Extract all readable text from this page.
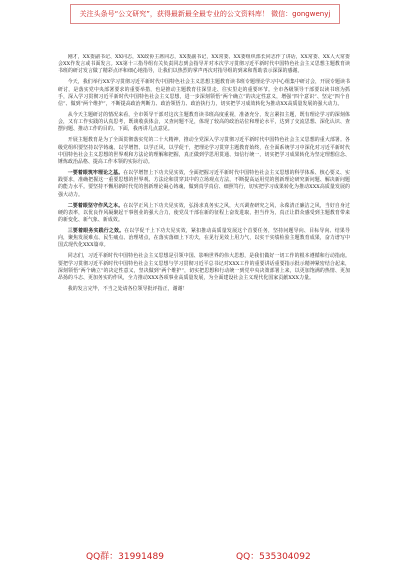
关注头条号“公文研究”，获得最新最全最专业的公文资料库！ 微信：gongwenyj

刚才，XX委副书记、XX同志，XX政协主席同志，XX委副书记，XX常委、XX委组织部长同志作了讲话，XX常委、XX人大常委会XX作发言或书面发言。XX第十三指导组有关负责同志到会指导并对本次学习贯彻习近平新时代中国特色社会主义思想主题教育读书班的研讨发言做了精彩点评和细心地指导，让我们以热烈的掌声再次对指导组的到来和帮助表示深深的感谢。

今天，我们举行XX学习贯彻习近平新时代中国特色社会主义思想主题教育读书班专题理论学习中心组集中研讨会，开展专题读书研讨，是落实党中央部署要求的重要举措，也是推动主题教育往深里走、往实里走的重要环节。全市各级领导干部要以读书班为抓手，深入学习贯彻习近平新时代中国特色社会主义思想，进一步深刻领悟“两个确立”的决定性意义，增强“四个意识”、坚定“四个自信”、做到“两个维护”，不断提高政治判断力、政治领悟力、政治执行力，切实把学习成效转化为推动XX高质量发展的强大动力。

从今天主题研讨的情况来看，全市领导干部对这次主题教育读书班高度重视，准备充分，发言紧扣主题，既有理论学习的深刻体会，又有工作实践的认真思考，既谈收获体会，又查问题不足，体现了较高的政治站位和理论水平，达到了交流思想、深化认识、查摆问题、推动工作的目的。下面，我再讲几点意见。

开展主题教育是为了全面贯彻落实党的二十大精神，推动全党深入学习贯彻习近平新时代中国特色社会主义思想的重大部署。各级党组织要坚持以学铸魂、以学增智、以学正风、以学促干，把理论学习贯穿主题教育始终，在全面系统学习中深化对习近平新时代中国特色社会主义思想的世界观和方法论的理解和把握，真正做到学思用贯通、知信行统一，切实把学习成果转化为坚定理想信念、锤炼政治品格、提高工作本领的实际行动。

一要着眼筑牢理论之基。在以学增智上下功夫见实效，全面把握习近平新时代中国特色社会主义思想的科学体系、核心要义、实践要求，准确把握这一重要思想的世界观、方法论和贯穿其中的立场观点方法，不断提高运用党的创新理论研究新问题、解决新问题的能力水平。要坚持不懈用新时代党的创新理论凝心铸魂，做到真学真信、细照笃行，切实把学习成果转化为推动XXX高质量发展的强大动力。

二要着眼坚守作风之本。在以学正风上下功夫见实效，弘扬求真务实之风，大兴调查研究之风，永葆清正廉洁之风，当好自身过硬的表率，以优良作风凝聚起干事创业的强大合力，使党员干部在新的征程上奋发进取，担当作为，真正让群众感受到主题教育带来的新变化、新气象、新成效。

三要着眼务实践行之效。在以学促干上下功夫见实效，紧扣推动高质量发展这个首要任务，坚持问题导向、目标导向、结果导向，聚焦发展难点、民生痛点、治理堵点，在落实落细上下功夫，在见行见效上用力气，以实干实绩检验主题教育成果，奋力谱写中国式现代化XXX篇章。

同志们，习近平新时代中国特色社会主义思想是引领中国、影响世界的伟大思想，是我们做好一切工作的根本遵循和行动指南。要把学习贯彻习近平新时代中国特色社会主义思想与学习贯彻习近平总书记对XXX工作的重要讲话重要指示批示精神紧密结合起来，深刻领悟“两个确立”的决定性意义，坚决做到“两个维护”，切实把思想和行动统一到党中央决策部署上来，以更加饱满的热情、更加昂扬的斗志、更加务实的作风，全力推动XXX各项事业高质量发展，为全面建设社会主义现代化国家贡献XXX力量。

我的发言完毕，不当之处请各位领导批评指正，谢谢！

QQ群：31991489	QQ：535304092
